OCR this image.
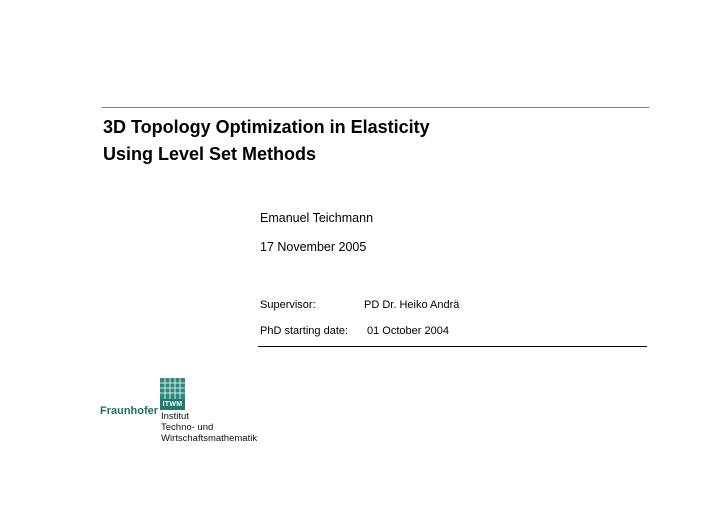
3D Topology Optimization in Elasticity
Using Level Set Methods
Emanuel Teichmann
17 November 2005
Supervisor:	PD Dr. Heiko Andrä
PhD starting date: 01 October 2004
ITWM
Fraunhofer Institut
Techno- und
Wirtschaftsmathematik
